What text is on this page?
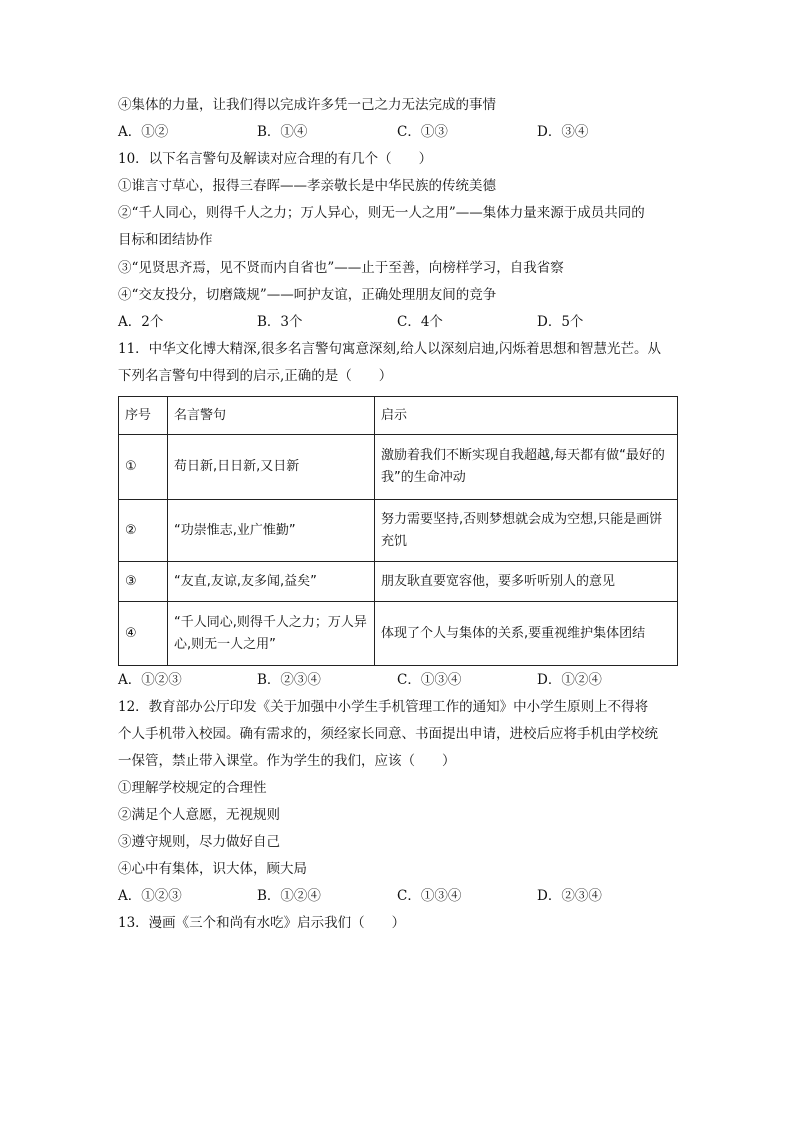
④集体的力量，让我们得以完成许多凭一己之力无法完成的事情
A．①②	B．①④	C．①③	D．③④
10．以下名言警句及解读对应合理的有几个（　　）
①谁言寸草心，报得三春晖——孝亲敬长是中华民族的传统美德
②“千人同心，则得千人之力；万人异心，则无一人之用”——集体力量来源于成员共同的
目标和团结协作
③“见贤思齐焉，见不贤而内自省也”——止于至善，向榜样学习，自我省察
④“交友投分，切磨箴规”——呵护友谊，正确处理朋友间的竞争
A．2个	B．3个	C．4个	D．5个
11．中华文化博大精深,很多名言警句寓意深刻,给人以深刻启迪,闪烁着思想和智慧光芒。从
下列名言警句中得到的启示,正确的是（　　）
序号	名言警句	启示
①	苟日新,日日新,又日新	激励着我们不断实现自我超越,每天都有做“最好的我”的生命冲动
②	“功崇惟志,业广惟勤”	努力需要坚持,否则梦想就会成为空想,只能是画饼充饥
③	“友直,友谅,友多闻,益矣”	朋友耿直要宽容他，要多听听别人的意见
④	“千人同心,则得千人之力；万人异心,则无一人之用”	体现了个人与集体的关系,要重视维护集体团结
A．①②③	B．②③④	C．①③④	D．①②④
12．教育部办公厅印发《关于加强中小学生手机管理工作的通知》中小学生原则上不得将
个人手机带入校园。确有需求的，须经家长同意、书面提出申请，进校后应将手机由学校统
一保管，禁止带入课堂。作为学生的我们，应该（　　）
①理解学校规定的合理性
②满足个人意愿，无视规则
③遵守规则，尽力做好自己
④心中有集体，识大体，顾大局
A．①②③	B．①②④	C．①③④	D．②③④
13．漫画《三个和尚有水吃》启示我们（　　）
